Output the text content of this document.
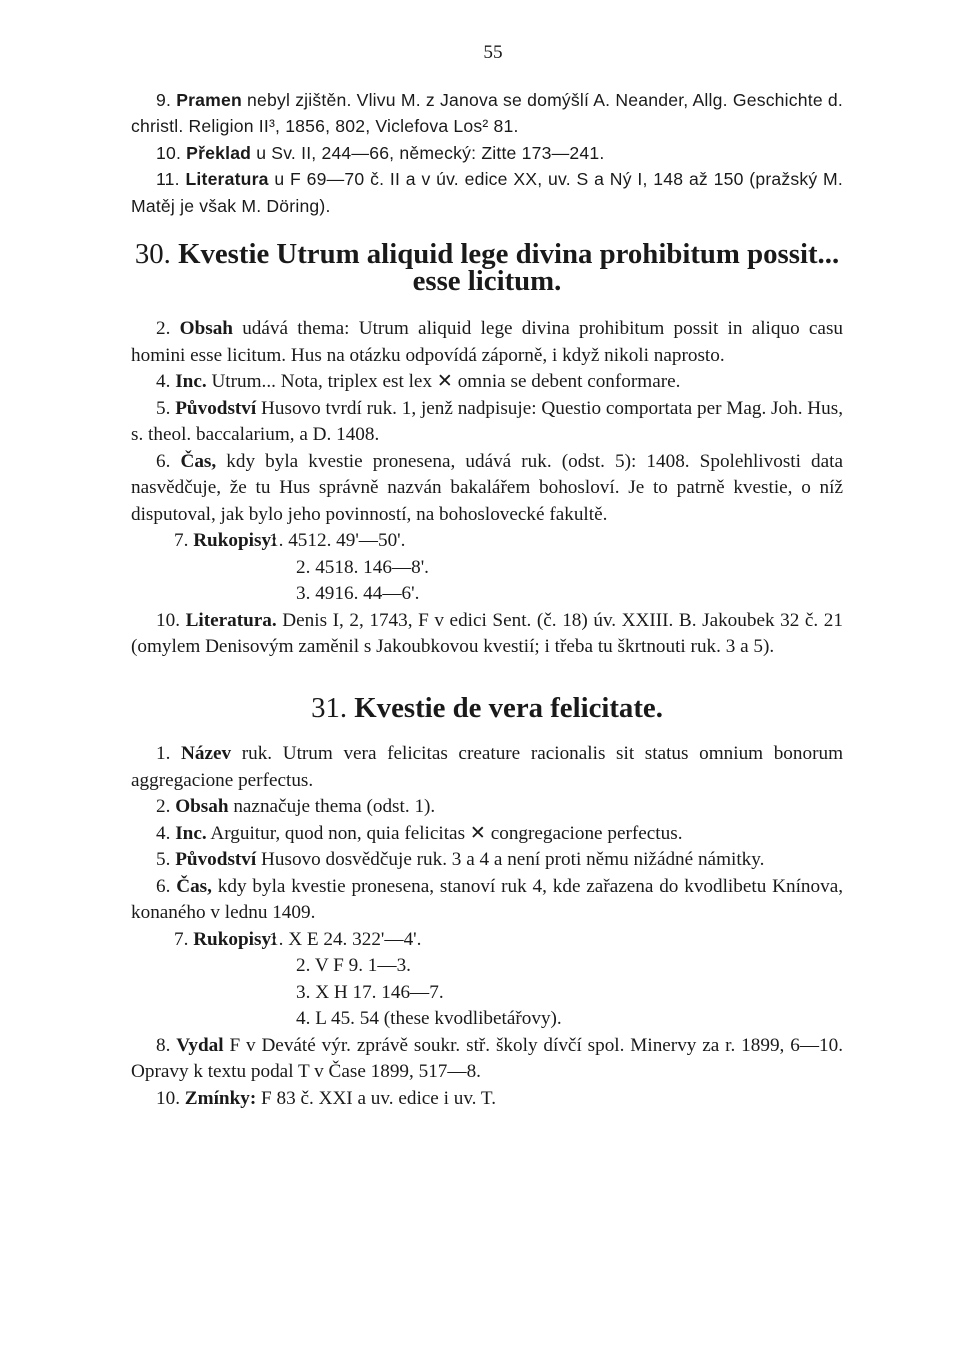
55

9. Pramen nebyl zjištěn. Vlivu M. z Janova se domýšlí A. Neander, Allg. Geschichte d. christl. Religion II³, 1856, 802, Viclefova Los² 81.

10. Překlad u Sv. II, 244—66, německý: Zitte 173—241.

11. Literatura u F 69—70 č. II a v úv. edice XX, uv. S a Ný I, 148 až 150 (pražský M. Matěj je však M. Döring).

30. Kvestie Utrum aliquid lege divina prohibitum possit... esse licitum.

2. Obsah udává thema: Utrum aliquid lege divina prohibitum possit in aliquo casu homini esse licitum. Hus na otázku odpovídá záporně, i když nikoli naprosto.

4. Inc. Utrum... Nota, triplex est lex ✕ omnia se debent conformare.

5. Původství Husovo tvrdí ruk. 1, jenž nadpisuje: Questio comportata per Mag. Joh. Hus, s. theol. baccalarium, a D. 1408.

6. Čas, kdy byla kvestie pronesena, udává ruk. (odst. 5): 1408. Spolehlivosti data nasvědčuje, že tu Hus správně nazván bakalářem bohosloví. Je to patrně kvestie, o níž disputoval, jak bylo jeho povinností, na bohoslovecké fakultě.

7. Rukopisy:1. 4512. 49'—50'.
2. 4518. 146—8'.
3. 4916. 44—6'.

10. Literatura. Denis I, 2, 1743, F v edici Sent. (č. 18) úv. XXIII. B. Jakoubek 32 č. 21 (omylem Denisovým zaměnil s Jakoubkovou kvestií; i třeba tu škrtnouti ruk. 3 a 5).

31. Kvestie de vera felicitate.

1. Název ruk. Utrum vera felicitas creature racionalis sit status omnium bonorum aggregacione perfectus.

2. Obsah naznačuje thema (odst. 1).

4. Inc. Arguitur, quod non, quia felicitas ✕ congregacione perfectus.

5. Původství Husovo dosvědčuje ruk. 3 a 4 a není proti němu nižádné námitky.

6. Čas, kdy byla kvestie pronesena, stanoví ruk 4, kde zařazena do kvodlibetu Knínova, konaného v lednu 1409.

7. Rukopisy:1. X E 24. 322'—4'.
2. V F 9. 1—3.
3. X H 17. 146—7.
4. L 45. 54 (these kvodlibetářovy).

8. Vydal F v Deváté výr. zprávě soukr. stř. školy dívčí spol. Minervy za r. 1899, 6—10. Opravy k textu podal T v Čase 1899, 517—8.

10. Zmínky: F 83 č. XXI a uv. edice i uv. T.
